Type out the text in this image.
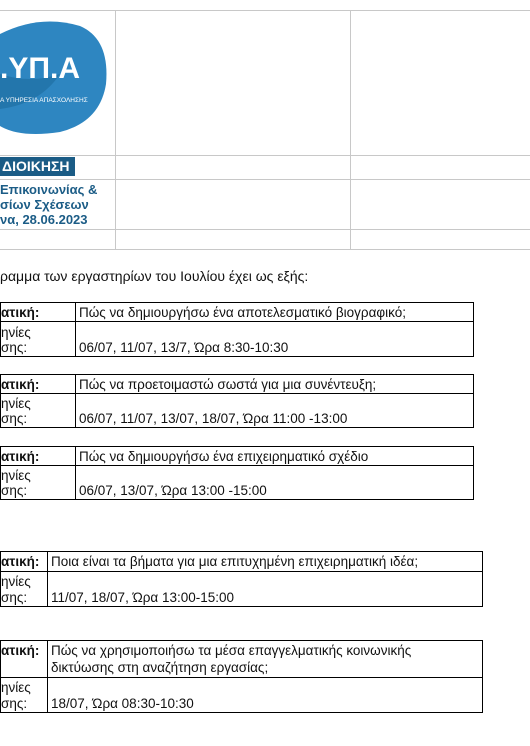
.ΥΠ.Α
Α ΥΠΗΡΕΣΙΑ ΑΠΑΣΧΟΛΗΣΗΣ
ΔΙΟΙΚΗΣΗ
Επικοινωνίας &
σίων Σχέσεων
να, 28.06.2023
ραμμα των εργαστηρίων του Ιουλίου έχει ως εξής:
ατική:	Πώς να δημιουργήσω ένα αποτελεσματικό βιογραφικό;
ηνίες
σης:	06/07, 11/07, 13/7, Ώρα 8:30-10:30
ατική:	Πώς να προετοιμαστώ σωστά για μια συνέντευξη;
ηνίες
σης:	06/07, 11/07, 13/07, 18/07, Ώρα 11:00 -13:00
ατική:	Πώς να δημιουργήσω ένα επιχειρηματικό σχέδιο
ηνίες
σης:	06/07, 13/07, Ώρα 13:00 -15:00
ατική: Ποια είναι τα βήματα για μια επιτυχημένη επιχειρηματική ιδέα;
ηνίες
σης: 11/07, 18/07, Ώρα 13:00-15:00
ατική: Πώς να χρησιμοποιήσω τα μέσα επαγγελματικής κοινωνικής
δικτύωσης στη αναζήτηση εργασίας;
ηνίες
σης: 18/07, Ώρα 08:30-10:30
